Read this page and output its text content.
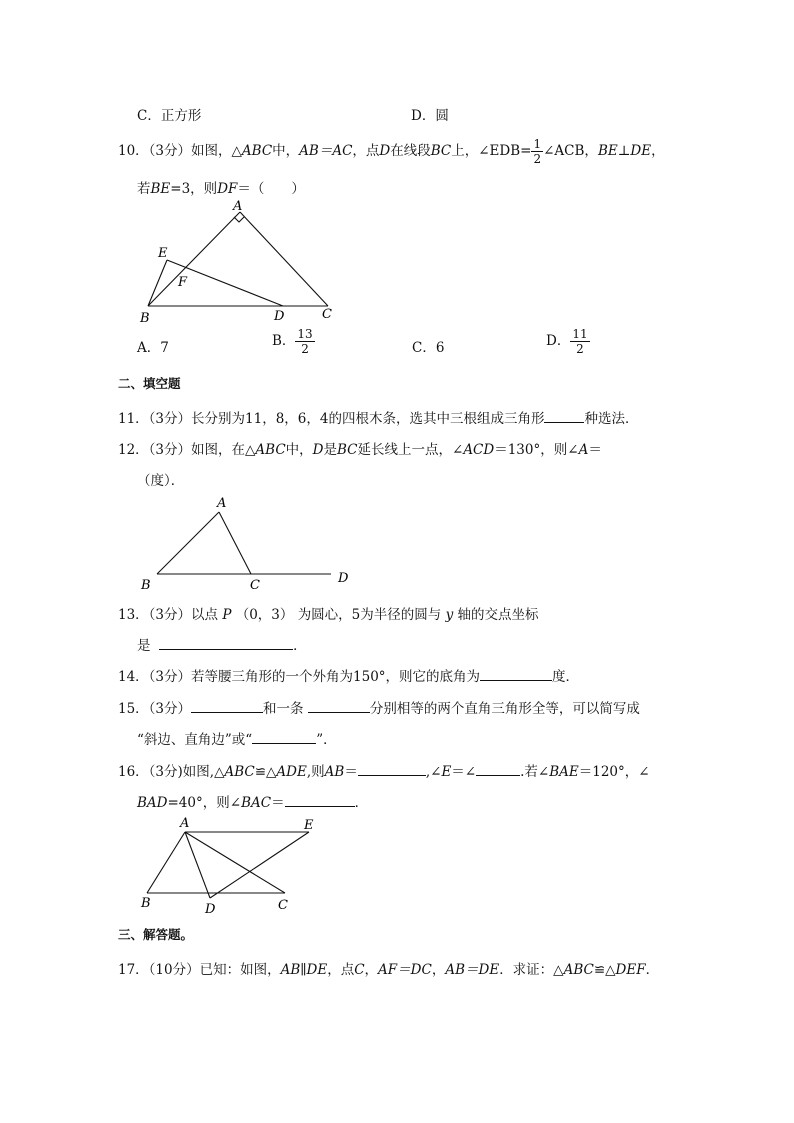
C．正方形	D．圆
10．（3分）如图，△ABC中，AB＝AC，点D在线段BC上，∠EDB= $\frac{1}{2}$ ∠ACB，BE⊥DE，
若BE=3，则DF＝（　　）
A
E
F
B	D	C
A．7	B． $\frac{13}{2}$	C．6	D． $\frac{11}{2}$
二、填空题
11．（3分）长分别为11，8，6，4的四根木条，选其中三根组成三角形	种选法．
12．（3分）如图，在△ABC中，D是BC延长线上一点，∠ACD＝130°，则∠A＝
（度）．
A
B	C	D
13．（3分）以点 P （0，3） 为圆心，5为半径的圆与 y 轴的交点坐标
是	．
14．（3分）若等腰三角形的一个外角为150°，则它的底角为	度．
15．（3分）	和一条	分别相等的两个直角三角形全等，可以简写成
“斜边、直角边”或“	”．
16．（3分)如图,△ABC≌△ADE,则AB＝	,∠E＝∠	.若∠BAE＝120°，∠
BAD=40°，则∠BAC＝	．
A	E
B	D	C
三、解答题。
17．（10分）已知：如图，AB∥DE，点C，AF＝DC，AB＝DE．求证：△ABC≌△DEF．
